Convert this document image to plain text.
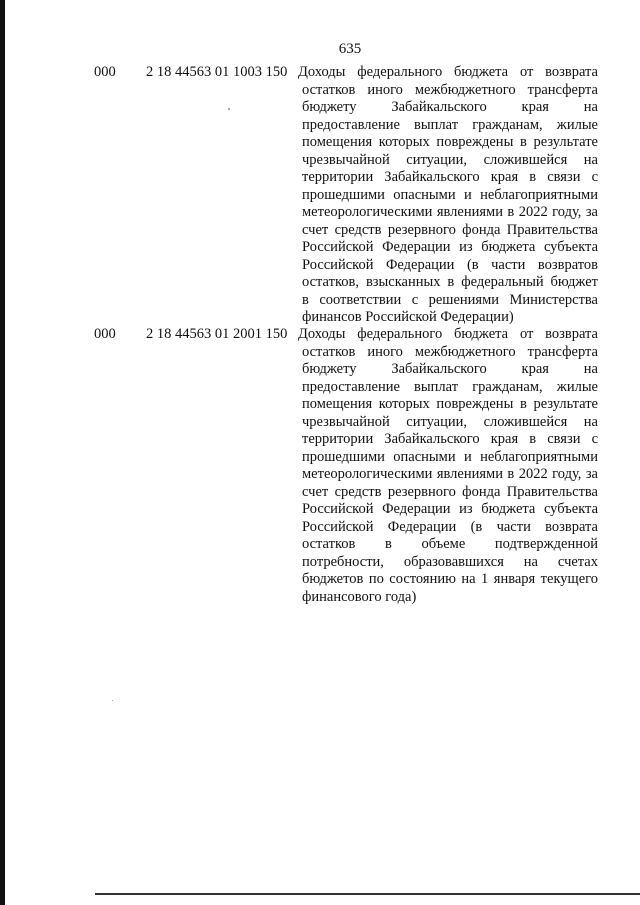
635
000 2 18 44563 01 1003 150 Доходы федерального бюджета от возврата
остатков иного межбюджетного трансферта
бюджету Забайкальского края на
предоставление выплат гражданам, жилые
помещения которых повреждены в результате
чрезвычайной ситуации, сложившейся на
территории Забайкальского края в связи с
прошедшими опасными и неблагоприятными
метеорологическими явлениями в 2022 году, за
счет средств резервного фонда Правительства
Российской Федерации из бюджета субъекта
Российской Федерации (в части возвратов
остатков, взысканных в федеральный бюджет
в соответствии с решениями Министерства
финансов Российской Федерации)
000 2 18 44563 01 2001 150 Доходы федерального бюджета от возврата
остатков иного межбюджетного трансферта
бюджету Забайкальского края на
предоставление выплат гражданам, жилые
помещения которых повреждены в результате
чрезвычайной ситуации, сложившейся на
территории Забайкальского края в связи с
прошедшими опасными и неблагоприятными
метеорологическими явлениями в 2022 году, за
счет средств резервного фонда Правительства
Российской Федерации из бюджета субъекта
Российской Федерации (в части возврата
остатков в объеме подтвержденной
потребности, образовавшихся на счетах
бюджетов по состоянию на 1 января текущего
финансового года)
